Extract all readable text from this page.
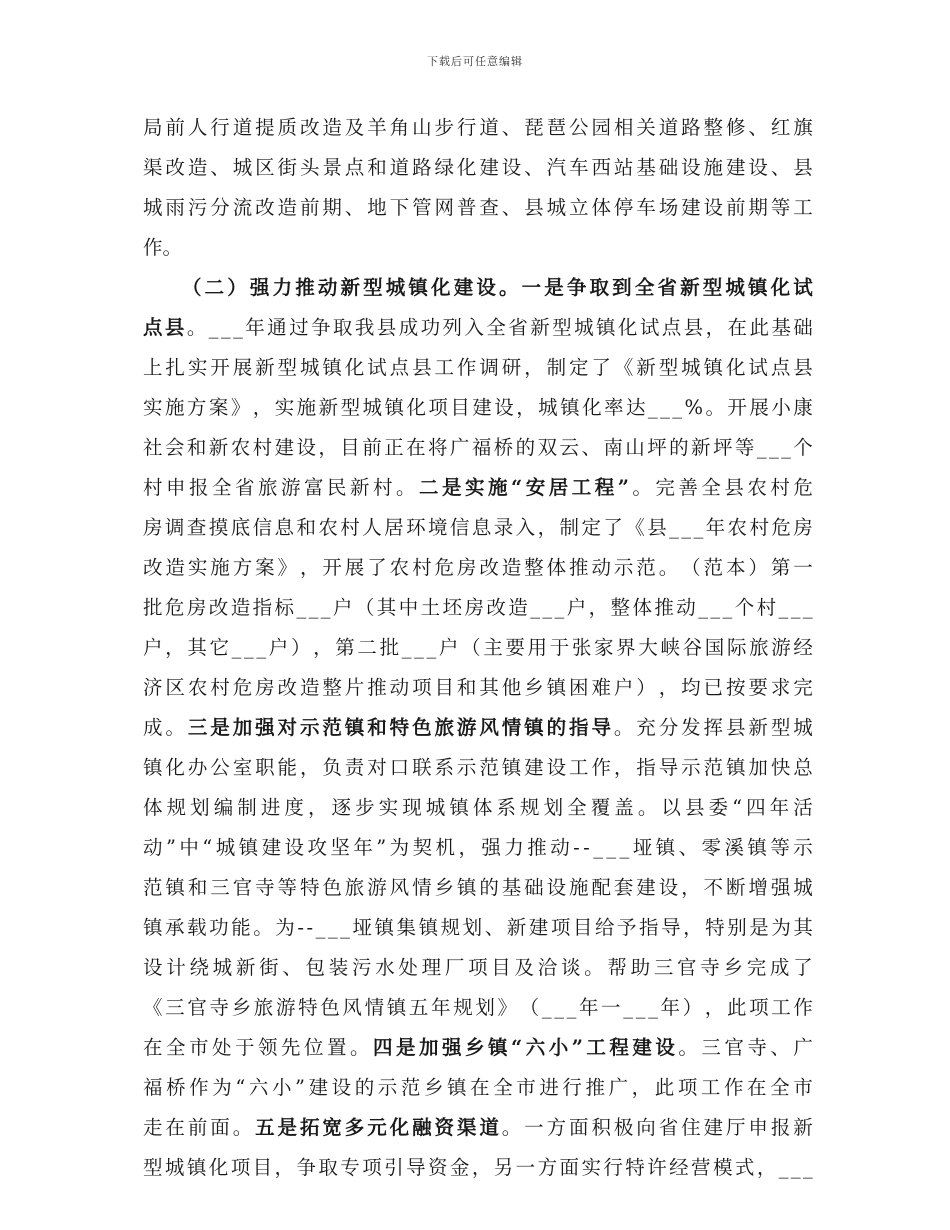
下载后可任意编辑
局 前 人 行 道 提 质 改 造 及 羊 角 山 步 行 道 、 琵 琶 公 园 相 关 道 路 整 修 、 红 旗
渠 改 造 、 城 区 街 头 景 点 和 道 路 绿 化 建 设 、 汽 车 西 站 基 础 设 施 建 设 、 县
城 雨 污 分 流 改 造 前 期 、 地 下 管 网 普 查 、 县 城 立 体 停 车 场 建 设 前 期 等 工
作 。
（ 二 ） 强 力 推 动 新 型 城 镇 化 建 设 。 一 是 争 取 到 全 省 新 型 城 镇 化 试
点 县 。 _ _ _ 年 通 过 争 取 我 县 成 功 列 入 全 省 新 型 城 镇 化 试 点 县 ， 在 此 基 础
上 扎 实 开 展 新 型 城 镇 化 试 点 县 工 作 调 研 ， 制 定 了 《 新 型 城 镇 化 试 点 县
实 施 方 案 》 ， 实 施 新 型 城 镇 化 项 目 建 设 ， 城 镇 化 率 达 _ _ _ % 。 开 展 小 康
社 会 和 新 农 村 建 设 ， 目 前 正 在 将 广 福 桥 的 双 云 、 南 山 坪 的 新 坪 等 _ _ _ 个
村 申 报 全 省 旅 游 富 民 新 村 。 二 是 实 施 “ 安 居 工 程 ” 。 完 善 全 县 农 村 危
房 调 查 摸 底 信 息 和 农 村 人 居 环 境 信 息 录 入 ， 制 定 了 《 县 _ _ _ 年 农 村 危 房
改 造 实 施 方 案 》 ， 开 展 了 农 村 危 房 改 造 整 体 推 动 示 范 。 （ 范 本 ） 第 一
批 危 房 改 造 指 标 _ _ _ 户 （ 其 中 土 坯 房 改 造 _ _ _ 户 ， 整 体 推 动 _ _ _ 个 村 _ _ _
户 ， 其 它 _ _ _ 户 ） ， 第 二 批 _ _ _ 户 （ 主 要 用 于 张 家 界 大 峡 谷 国 际 旅 游 经
济 区 农 村 危 房 改 造 整 片 推 动 项 目 和 其 他 乡 镇 困 难 户 ） ， 均 已 按 要 求 完
成 。 三 是 加 强 对 示 范 镇 和 特 色 旅 游 风 情 镇 的 指 导 。 充 分 发 挥 县 新 型 城
镇 化 办 公 室 职 能 ， 负 责 对 口 联 系 示 范 镇 建 设 工 作 ， 指 导 示 范 镇 加 快 总
体 规 划 编 制 进 度 ， 逐 步 实 现 城 镇 体 系 规 划 全 覆 盖 。 以 县 委 “ 四 年 活
动 ” 中 “ 城 镇 建 设 攻 坚 年 ” 为 契 机 ， 强 力 推 动 - - _ _ _ 垭 镇 、 零 溪 镇 等 示
范 镇 和 三 官 寺 等 特 色 旅 游 风 情 乡 镇 的 基 础 设 施 配 套 建 设 ， 不 断 增 强 城
镇 承 载 功 能 。 为 - - _ _ _ 垭 镇 集 镇 规 划 、 新 建 项 目 给 予 指 导 ， 特 别 是 为 其
设 计 绕 城 新 街 、 包 装 污 水 处 理 厂 项 目 及 洽 谈 。 帮 助 三 官 寺 乡 完 成 了
《 三 官 寺 乡 旅 游 特 色 风 情 镇 五 年 规 划 》 （ _ _ _ 年 一 _ _ _ 年 ） ， 此 项 工 作
在 全 市 处 于 领 先 位 置 。 四 是 加 强 乡 镇 “ 六 小 ” 工 程 建 设 。 三 官 寺 、 广
福 桥 作 为 “ 六 小 ” 建 设 的 示 范 乡 镇 在 全 市 进 行 推 广 ， 此 项 工 作 在 全 市
走 在 前 面 。 五 是 拓 宽 多 元 化 融 资 渠 道 。 一 方 面 积 极 向 省 住 建 厅 申 报 新
型 城 镇 化 项 目 ， 争 取 专 项 引 导 资 金 ， 另 一 方 面 实 行 特 许 经 营 模 式 ， _ _ _
